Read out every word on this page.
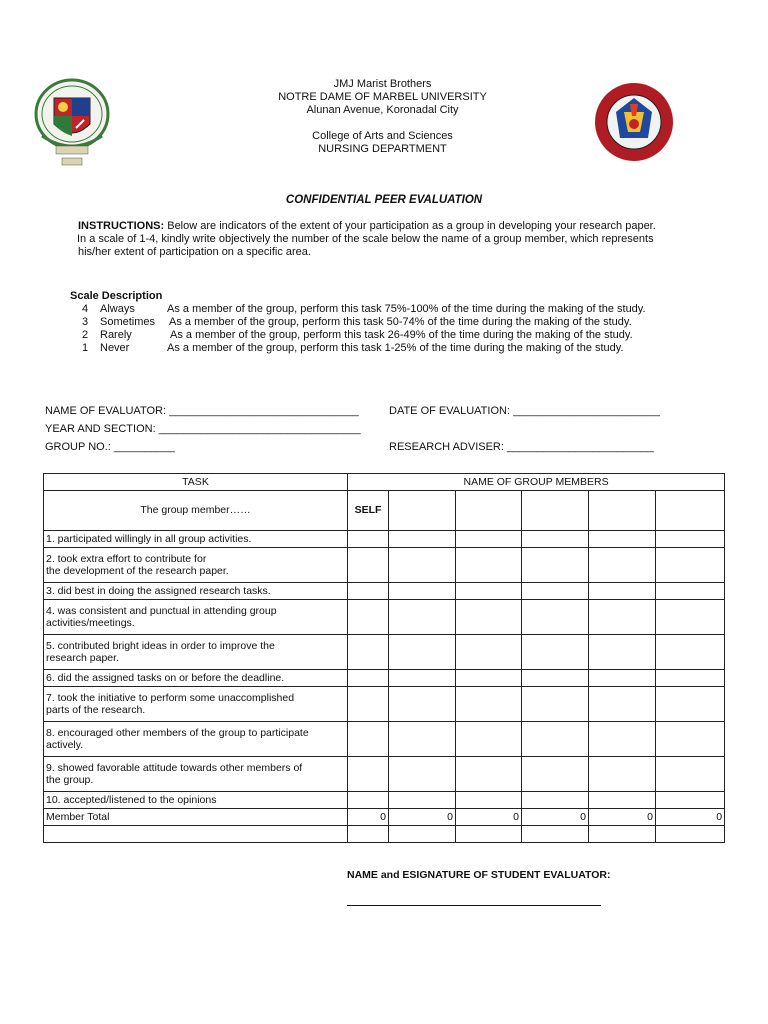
JMJ Marist Brothers
NOTRE DAME OF MARBEL UNIVERSITY
Alunan Avenue, Koronadal City
College of Arts and Sciences
NURSING DEPARTMENT
CONFIDENTIAL PEER EVALUATION
INSTRUCTIONS: Below are indicators of the extent of your participation as a group in developing your research paper.
In a scale of 1-4, kindly write objectively the number of the scale below the name of a group member, which represents
his/her extent of participation on a specific area.
Scale Description
4 Always	As a member of the group, perform this task 75%-100% of the time during the making of the study.
3 Sometimes As a member of the group, perform this task 50-74% of the time during the making of the study.
2 Rarely	As a member of the group, perform this task 26-49% of the time during the making of the study.
1 Never	As a member of the group, perform this task 1-25% of the time during the making of the study.
NAME OF EVALUATOR: _______________________________	DATE OF EVALUATION: ________________________
YEAR AND SECTION: _________________________________
GROUP NO.: __________	RESEARCH ADVISER: ________________________
TASK	NAME OF GROUP MEMBERS					
The group member……	SELF					
1. participated willingly in all group activities.						
2. took extra effort to contribute for
the development of the research paper.						
3. did best in doing the assigned research tasks.						
4. was consistent and punctual in attending group
activities/meetings.						
5. contributed bright ideas in order to improve the
research paper.						
6. did the assigned tasks on or before the deadline.						
7. took the initiative to perform some unaccomplished
parts of the research.						
8. encouraged other members of the group to participate
actively.						
9. showed favorable attitude towards other members of
the group.						
10. accepted/listened to the opinions						
Member Total	0	0	0	0	0	0

NAME and ESIGNATURE OF STUDENT EVALUATOR:
